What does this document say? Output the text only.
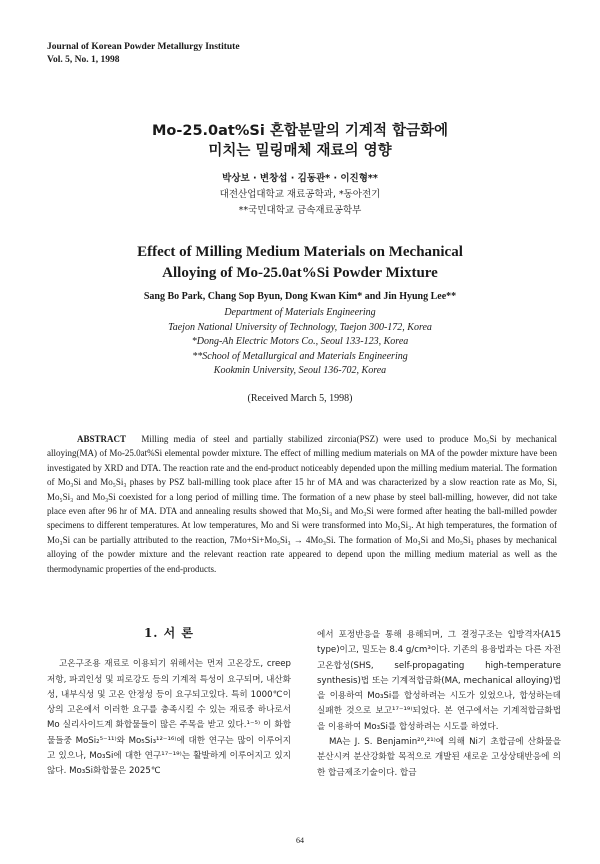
Journal of Korean Powder Metallurgy Institute
Vol. 5, No. 1, 1998
Mo-25.0at%Si 혼합분말의 기계적 합금화에
미치는 밀링매체 재료의 영향
박상보 · 변창섭 · 김동관* · 이진형**
대전산업대학교 재료공학과, *동아전기
**국민대학교 금속재료공학부
Effect of Milling Medium Materials on Mechanical
Alloying of Mo-25.0at%Si Powder Mixture
Sang Bo Park, Chang Sop Byun, Dong Kwan Kim* and Jin Hyung Lee**
Department of Materials Engineering
Taejon National University of Technology, Taejon 300-172, Korea
*Dong-Ah Electric Motors Co., Seoul 133-123, Korea
**School of Metallurgical and Materials Engineering
Kookmin University, Seoul 136-702, Korea
(Received March 5, 1998)
ABSTRACT Milling media of steel and partially stabilized zirconia(PSZ) were used to produce Mo₅Si by mechanical alloying(MA) of Mo-25.0at%Si elemental powder mixture. The effect of milling medium materials on MA of the powder mixture have been investigated by XRD and DTA. The reaction rate and the end-product noticeably depended upon the milling medium material. The formation of Mo₃Si and Mo₅Si₃ phases by PSZ ball-milling took place after 15 hr of MA and was characterized by a slow reaction rate as Mo, Si, Mo₅Si₃ and Mo₃Si coexisted for a long period of milling time. The formation of a new phase by steel ball-milling, however, did not take place even after 96 hr of MA. DTA and annealing results showed that Mo₅Si₃ and Mo₃Si were formed after heating the ball-milled powder specimens to different temperatures. At low temperatures, Mo and Si were transformed into Mo₅Si₃. At high temperatures, the formation of Mo₃Si can be partially attributed to the reaction, 7Mo+Si+Mo₅Si₃ → 4Mo₃Si. The formation of Mo₃Si and Mo₅Si₃ phases by mechanical alloying of the powder mixture and the relevant reaction rate appeared to depend upon the milling medium material as well as the thermodynamic properties of the end-products.
1. 서 론

고온구조용 재료로 이용되기 위해서는 먼저 고온강도, creep저항, 파괴인성 및 피로강도 등의 기계적 특성이 요구되며, 내산화성, 내부식성 및 고온 안정성 등이 요구되고있다. 특히 1000℃이상의 고온에서 이러한 요구를 충족시킬 수 있는 재료중 하나로서 Mo 실리사이드계 화합물들이 많은 주목을 받고 있다.¹⁻⁵⁾ 이 화합물들중 MoSi₂⁵⁻¹¹⁾와 Mo₅Si₃¹²⁻¹⁶⁾에 대한 연구는 많이 이루어지고 있으나, Mo₃Si에 대한 연구¹⁷⁻¹⁹⁾는 활발하게 이루어지고 있지 않다. Mo₃Si화합물은 2025℃

에서 포정반응을 통해 용해되며, 그 결정구조는 입방격자(A15 type)이고, 밀도는 8.4 g/cm³이다. 기존의 용융법과는 다른 자전고온합성(SHS, self-propagating high-temperature synthesis)법 또는 기계적합금화(MA, mechanical alloying)법을 이용하여 Mo₃Si를 합성하려는 시도가 있었으나, 합성하는데 실패한 것으로 보고¹⁷⁻¹⁹⁾되었다. 본 연구에서는 기계적합금화법을 이용하여 Mo₃Si를 합성하려는 시도를 하였다.

MA는 J. S. Benjamin²⁰,²¹⁾에 의해 Ni기 초합금에 산화물을 분산시켜 분산강화할 목적으로 개발된 새로운 고상상태반응에 의한 합금제조기술이다. 합금

64
